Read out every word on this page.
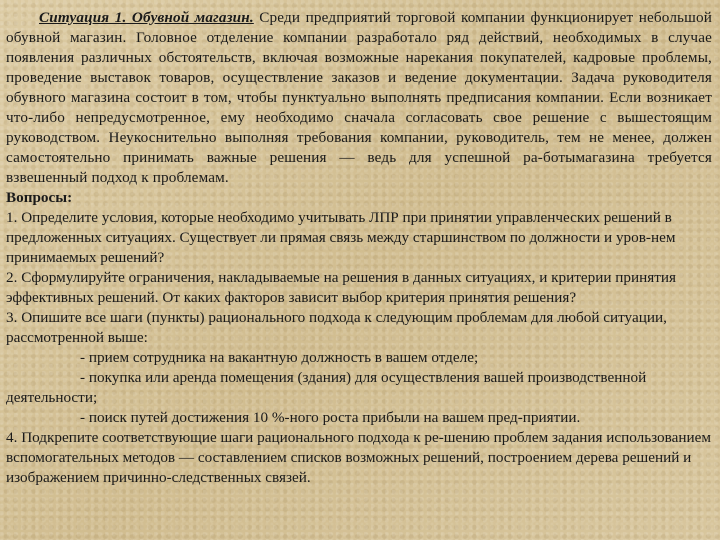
Ситуация 1. Обувной магазин. Среди предприятий торговой компании функционирует небольшой обувной магазин. Головное отделение компании разработало ряд действий, необходимых в случае появления различных обстоятельств, включая возможные нарекания покупателей, кадровые проблемы, проведение выставок товаров, осуществление заказов и ведение документации. Задача руководителя обувного магазина состоит в том, чтобы пунктуально выполнять предписания компании. Если возникает что-либо непредусмотренное, ему необходимо сначала согласовать свое решение с вышестоящим руководством. Неукоснительно выполняя требования компании, руководитель, тем не менее, должен самостоятельно принимать важные решения — ведь для успешной ра-ботымагазина требуется взвешенный подход к проблемам.

Вопросы:

1. Определите условия, которые необходимо учитывать ЛПР при принятии управленческих решений в предложенных ситуациях. Существует ли прямая связь между старшинством по должности и уров-нем принимаемых решений?

2. Сформулируйте ограничения, накладываемые на решения в данных ситуациях, и критерии принятия эффективных решений. От каких факторов зависит выбор критерия принятия решения?

3. Опишите все шаги (пункты) рационального подхода к следующим проблемам для любой ситуации, рассмотренной выше:

- прием сотрудника на вакантную должность в вашем отделе;

- покупка или аренда помещения (здания) для осуществления вашей производственной деятельности;

- поиск путей достижения 10 %-ного роста прибыли на вашем пред-приятии.

4. Подкрепите соответствующие шаги рационального подхода к ре-шению проблем задания использованием вспомогательных методов — составлением списков возможных решений, построением дерева решений и изображением причинно-следственных связей.
